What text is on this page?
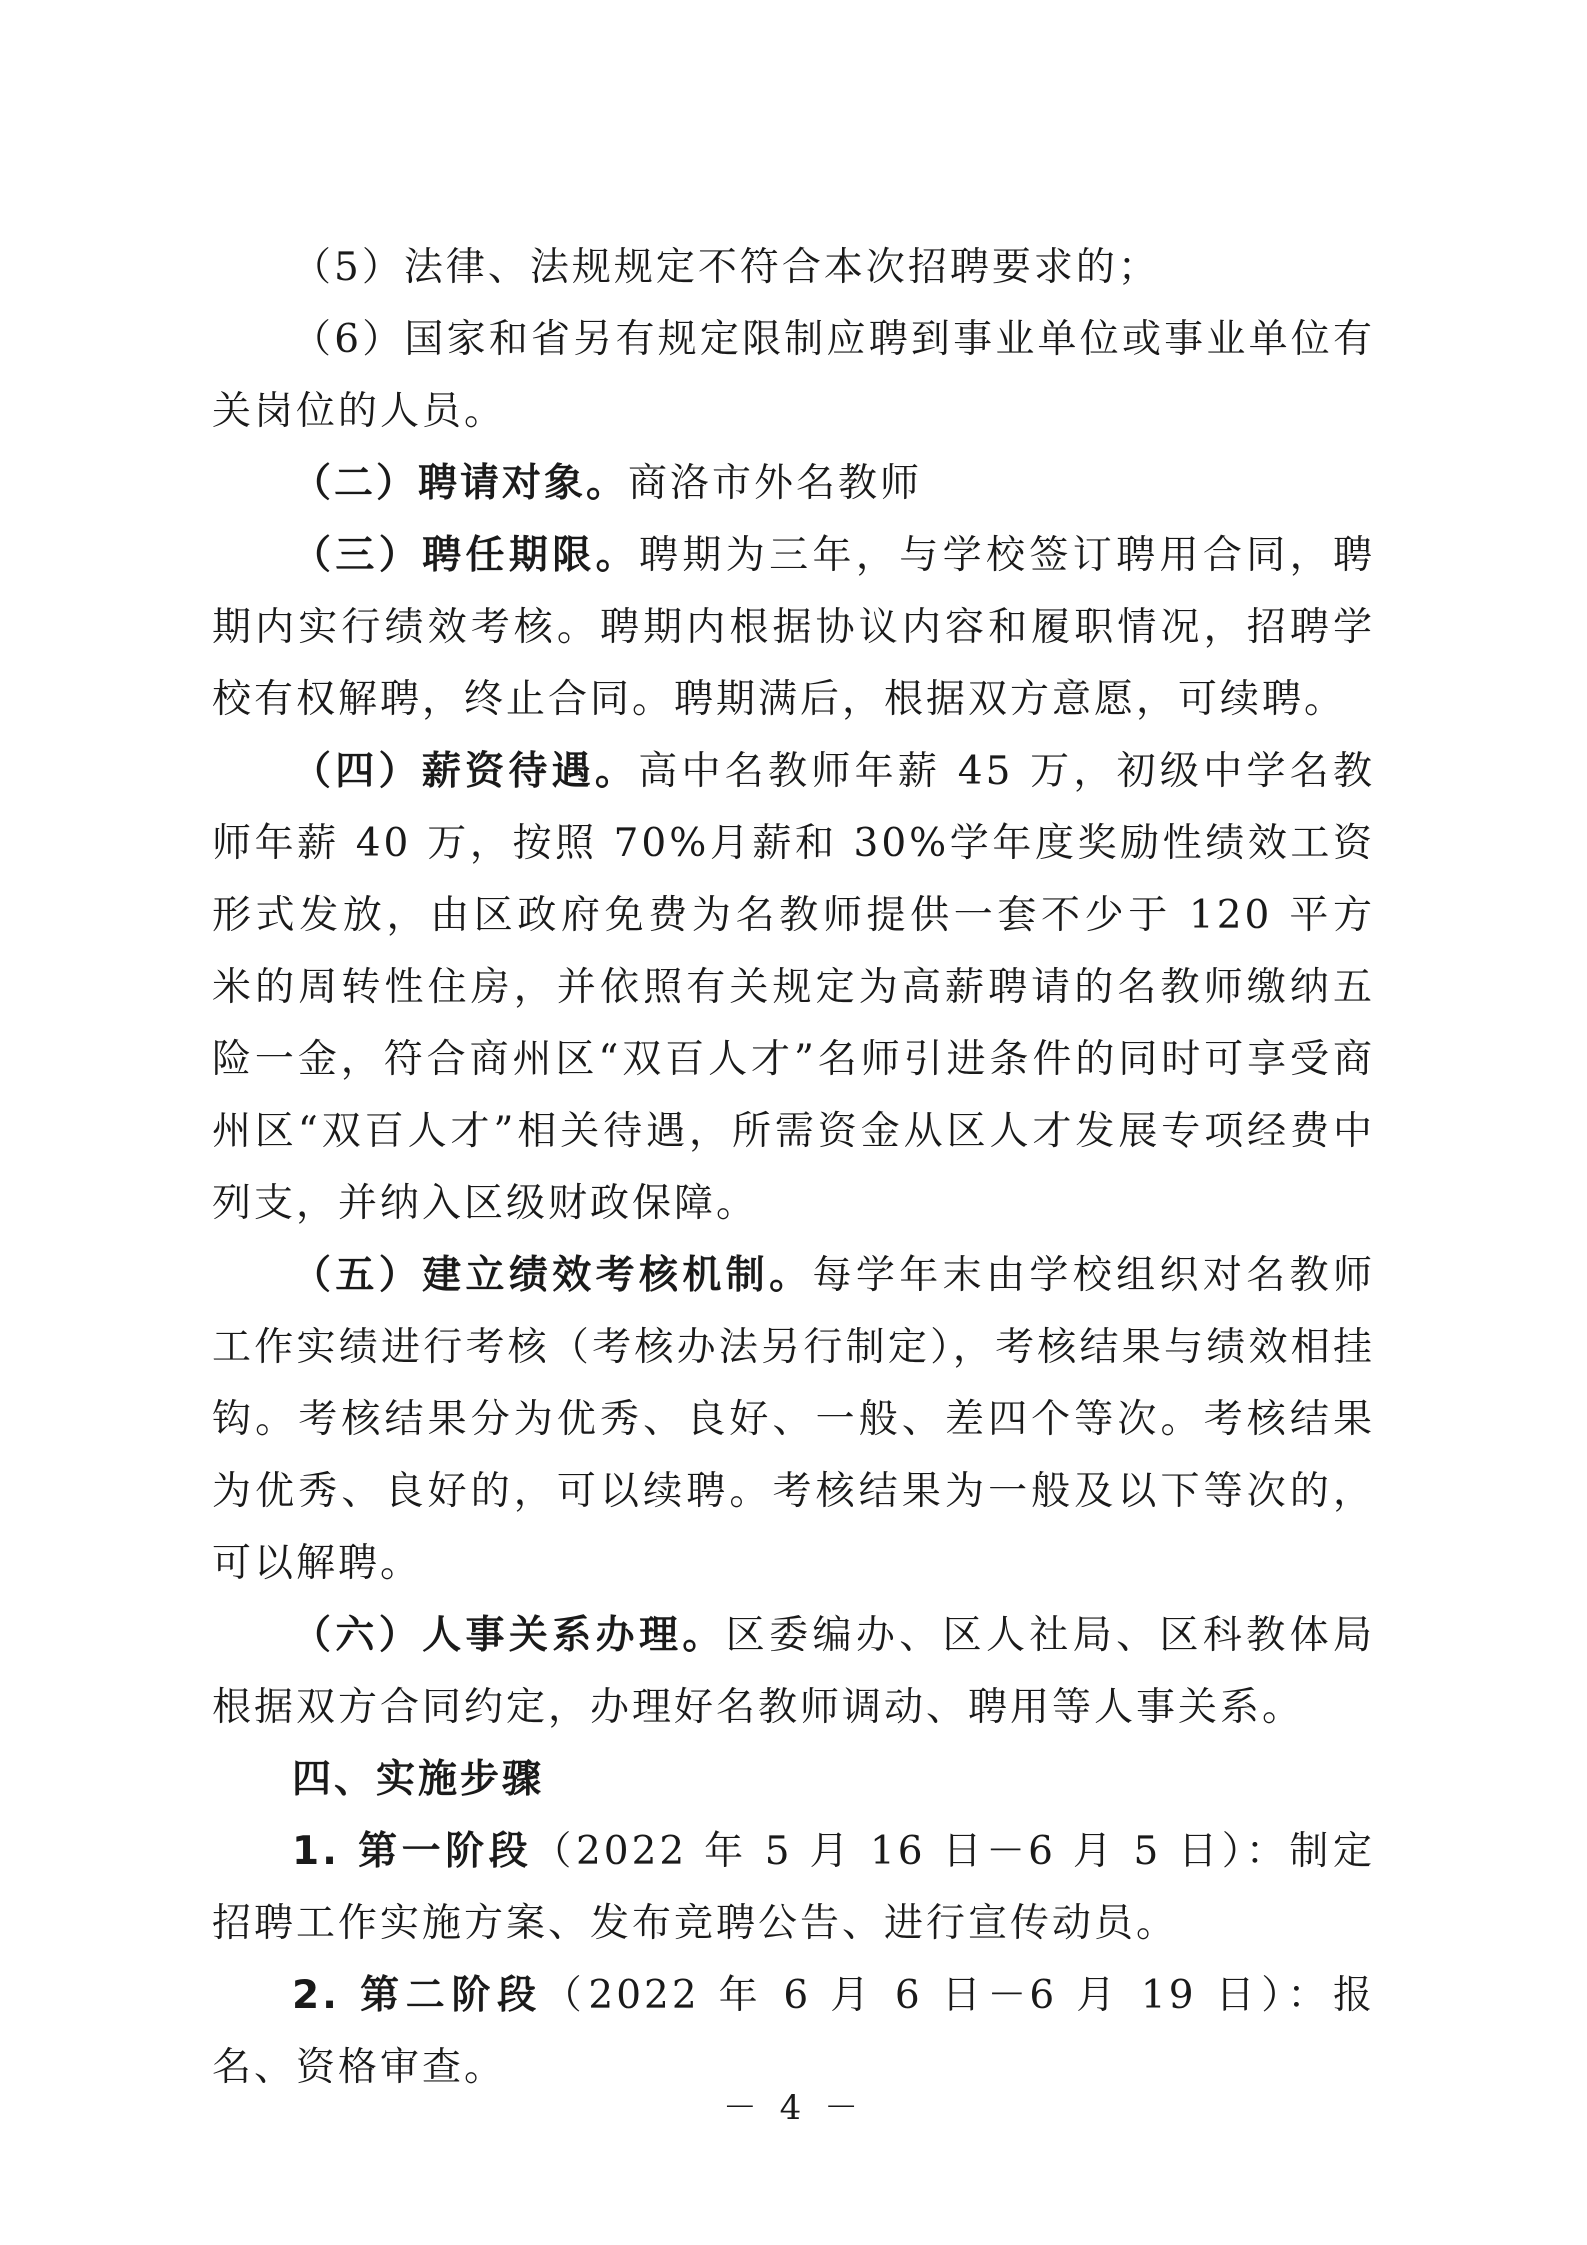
（5）法律、法规规定不符合本次招聘要求的；

（6）国家和省另有规定限制应聘到事业单位或事业单位有关岗位的人员。

（二）聘请对象。商洛市外名教师

（三）聘任期限。聘期为三年，与学校签订聘用合同，聘期内实行绩效考核。聘期内根据协议内容和履职情况，招聘学校有权解聘，终止合同。聘期满后，根据双方意愿，可续聘。

（四）薪资待遇。高中名教师年薪 45 万，初级中学名教师年薪 40 万，按照 70%月薪和 30%学年度奖励性绩效工资形式发放，由区政府免费为名教师提供一套不少于 120 平方米的周转性住房，并依照有关规定为高薪聘请的名教师缴纳五险一金，符合商州区“双百人才”名师引进条件的同时可享受商州区“双百人才”相关待遇，所需资金从区人才发展专项经费中列支，并纳入区级财政保障。

（五）建立绩效考核机制。每学年末由学校组织对名教师工作实绩进行考核（考核办法另行制定），考核结果与绩效相挂钩。考核结果分为优秀、良好、一般、差四个等次。考核结果为优秀、良好的，可以续聘。考核结果为一般及以下等次的，可以解聘。

（六）人事关系办理。区委编办、区人社局、区科教体局根据双方合同约定，办理好名教师调动、聘用等人事关系。

四、实施步骤

1. 第一阶段（2022 年 5 月 16 日－6 月 5 日）：制定招聘工作实施方案、发布竞聘公告、进行宣传动员。

2. 第二阶段（2022 年 6 月 6 日－6 月 19 日）：报名、资格审查。

－ 4 －
